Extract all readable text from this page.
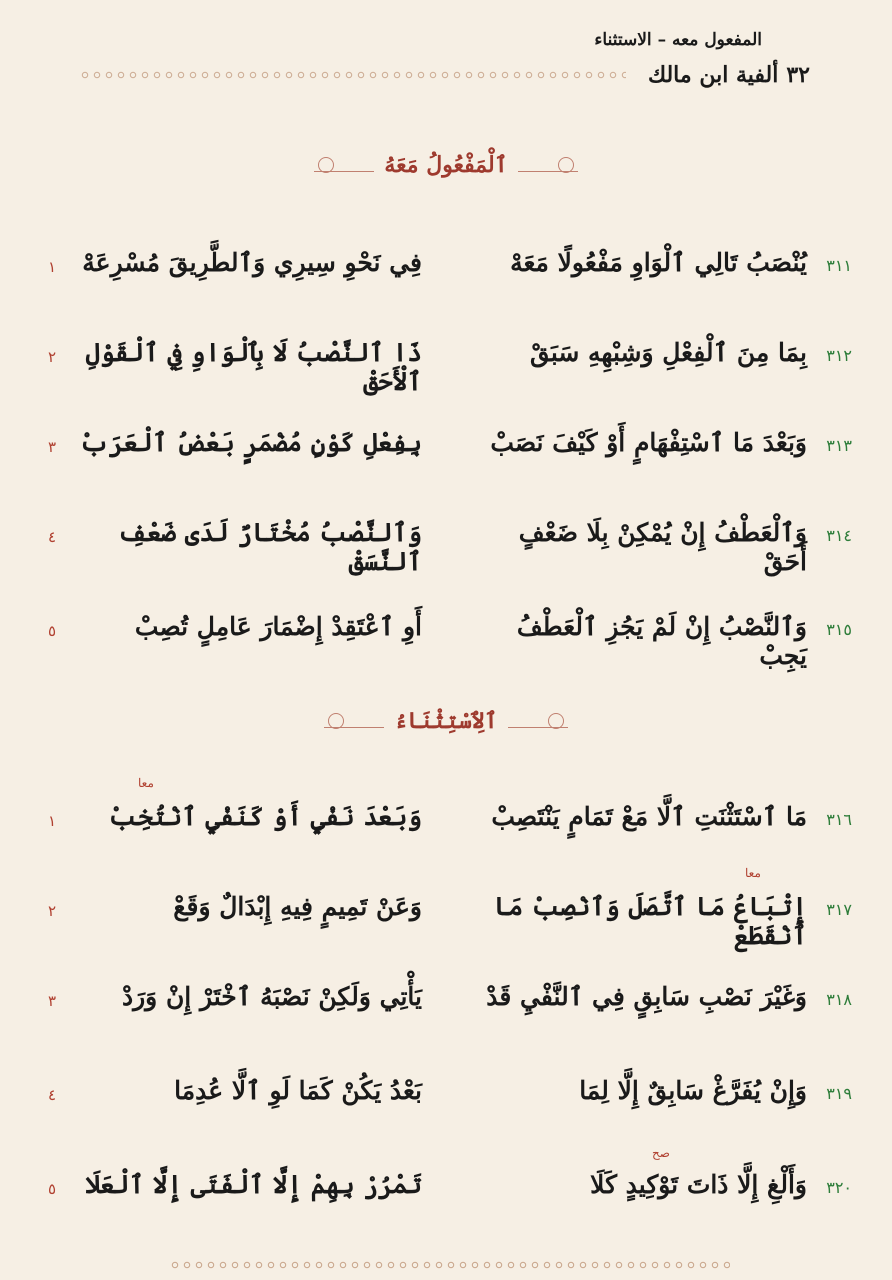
المفعول معه – الاستثناء
٣٢
ألفية ابن مالك
ٱلْمَفْعُولُ مَعَهُ
٣١١
يُنْصَبُ تَالِي ٱلْوَاوِ مَفْعُولًا مَعَهْ
فِي نَحْوِ سِيرِي وَٱلطَّرِيقَ مُسْرِعَهْ
١
٣١٢
بِمَا مِنَ ٱلْفِعْلِ وَشِبْهِهِ سَبَقْ
ذَا ٱلنَّصْبُ لَا بِٱلْوَاوِ فِي ٱلْقَوْلِ ٱلْأَحَقْ
٢
٣١٣
وَبَعْدَ مَا ٱسْتِفْهَامٍ أَوْ كَيْفَ نَصَبْ
بِفِعْلِ كَوْنٍ مُضْمَرٍ بَعْضُ ٱلْعَرَبْ
٣
٣١٤
وَٱلْعَطْفُ إِنْ يُمْكِنْ بِلَا ضَعْفٍ أَحَقْ
وَٱلنَّصْبُ مُخْتَارٌ لَدَى ضَعْفِ ٱلنَّسَقْ
٤
٣١٥
وَٱلنَّصْبُ إِنْ لَمْ يَجُزِ ٱلْعَطْفُ يَجِبْ
أَوِ ٱعْتَقِدْ إِضْمَارَ عَامِلٍ تُصِبْ
٥
ٱلِٱسْتِثْنَاءُ
معا
٣١٦
مَا ٱسْتَثْنَتِ ٱلَّا مَعْ تَمَامٍ يَنْتَصِبْ
وَبَعْدَ نَفْيٍ أَوْ كَنَفْيٍ ٱنْتُخِبْ
١
معا
٣١٧
إِتْبَاعُ مَا ٱتَّصَلَ وَٱنْصِبْ مَا ٱنْقَطَعْ
وَعَنْ تَمِيمٍ فِيهِ إِبْدَالٌ وَقَعْ
٢
٣١٨
وَغَيْرَ نَصْبِ سَابِقٍ فِي ٱلنَّفْيِ قَدْ
يَأْتِي وَلَكِنْ نَصْبَهُ ٱخْتَرْ إِنْ وَرَدْ
٣
٣١٩
وَإِنْ يُفَرَّغْ سَابِقٌ إِلَّا لِمَا
بَعْدُ يَكُنْ كَمَا لَوِ ٱلَّا عُدِمَا
٤
صح
٣٢٠
وَأَلْغِ إِلَّا ذَاتَ تَوْكِيدٍ كَلَا
تَمْرُرْ بِهِمْ إِلَّا ٱلْفَتَى إِلَّا ٱلْعَلَا
٥
